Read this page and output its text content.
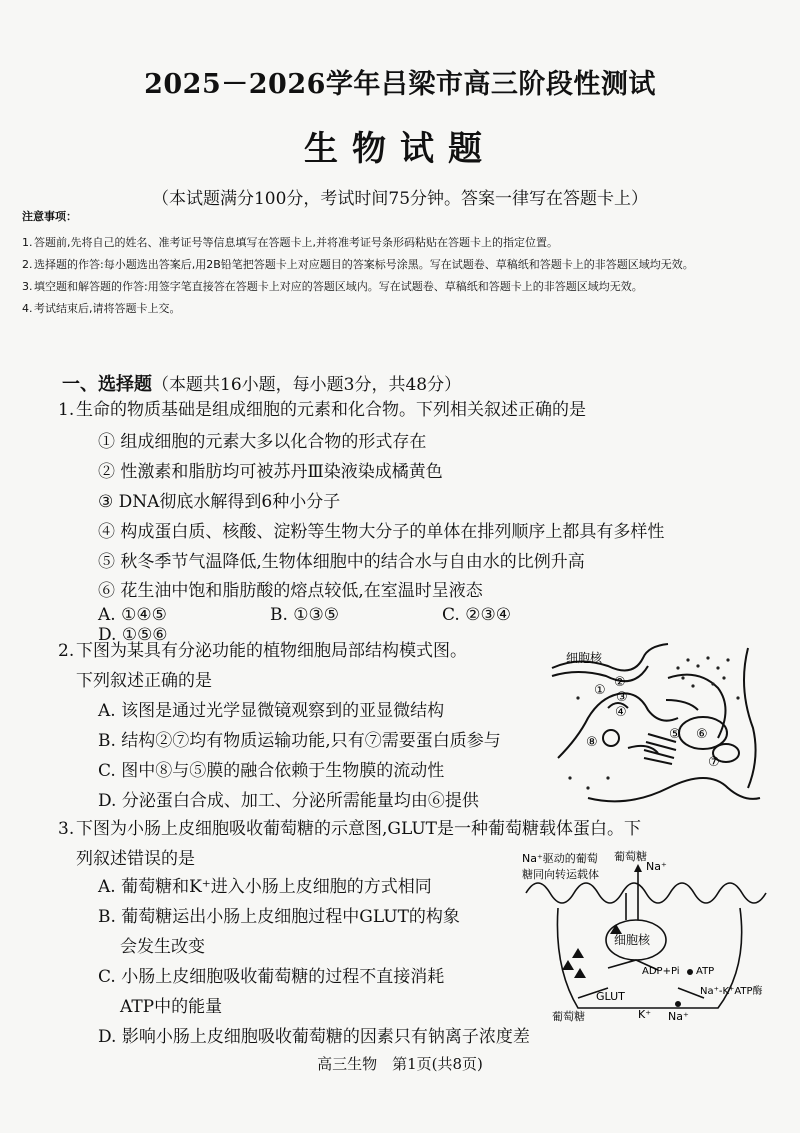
2025－2026学年吕梁市高三阶段性测试
生物试题
（本试题满分100分，考试时间75分钟。答案一律写在答题卡上）
注意事项：
1. 答题前,先将自己的姓名、准考证号等信息填写在答题卡上,并将准考证号条形码粘贴在答题卡上的指定位置。
2. 选择题的作答:每小题选出答案后,用2B铅笔把答题卡上对应题目的答案标号涂黑。写在试题卷、草稿纸和答题卡上的非答题区域均无效。
3. 填空题和解答题的作答:用签字笔直接答在答题卡上对应的答题区域内。写在试题卷、草稿纸和答题卡上的非答题区域均无效。
4. 考试结束后,请将答题卡上交。
一、选择题（本题共16小题，每小题3分，共48分）
1. 生命的物质基础是组成细胞的元素和化合物。下列相关叙述正确的是
① 组成细胞的元素大多以化合物的形式存在
② 性激素和脂肪均可被苏丹Ⅲ染液染成橘黄色
③ DNA彻底水解得到6种小分子
④ 构成蛋白质、核酸、淀粉等生物大分子的单体在排列顺序上都具有多样性
⑤ 秋冬季节气温降低,生物体细胞中的结合水与自由水的比例升高
⑥ 花生油中饱和脂肪酸的熔点较低,在室温时呈液态
A. ①④⑤	B. ①③⑤	C. ②③④D. ①⑤⑥
2. 下图为某具有分泌功能的植物细胞局部结构模式图。
下列叙述正确的是
A. 该图是通过光学显微镜观察到的亚显微结构
B. 结构②⑦均有物质运输功能,只有⑦需要蛋白质参与
C. 图中⑧与⑤膜的融合依赖于生物膜的流动性
D. 分泌蛋白合成、加工、分泌所需能量均由⑥提供
细胞核
①
②
③
④
⑤ ⑥
⑦
⑧
3. 下图为小肠上皮细胞吸收葡萄糖的示意图,GLUT是一种葡萄糖载体蛋白。下
列叙述错误的是
A. 葡萄糖和K⁺进入小肠上皮细胞的方式相同
B. 葡萄糖运出小肠上皮细胞过程中GLUT的构象
会发生改变
C. 小肠上皮细胞吸收葡萄糖的过程不直接消耗
ATP中的能量
D. 影响小肠上皮细胞吸收葡萄糖的因素只有钠离子浓度差
Na⁺驱动的葡萄
糖同向转运载体
葡萄糖
Na⁺
细胞核
ADP+Pi ATP
Na⁺-K⁺ATP酶
GLUT
葡萄糖	K⁺ Na⁺
高三生物　第1页(共8页)
